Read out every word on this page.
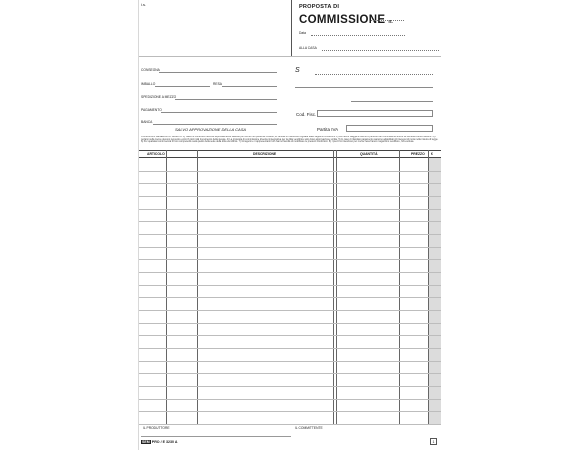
i.s.	PROPOSTA DI
COMMISSIONE n.
Data
ALLA CASA
CONSEGNA
IMBALLO	RESA
SPEDIZIONE A MEZZO
PAGAMENTO
BANCA
SALVO APPROVAZIONE DELLA CASA
S
Cod. Fisc.
Partita IVA
CONDIZIONI GENERALI DI VENDITA: 1) Salvo le condizioni diverse espressamente stabilite per iscritto nel presente modulo, le vendite si intendono regolate dalle seguenti condizioni. 2) La merce viaggia a rischio e pericolo del Committente anche se venduta franco destino. 3) I reclami sulla merce devono pervenire entro 8 giorni dal ricevimento della stessa. 4) La proposta di commissione diventa impegnativa per la ditta venditrice solo dopo approvazione scritta. 5) In caso di ritardato pagamento saranno addebitati gli interessi di mora nella misura di legge. 6) Per qualsiasi controversia il Foro competente sarà quello della sede della ditta venditrice. 7) Gli agenti e i rappresentanti non hanno facoltà di modificare le presenti condizioni. 8) I prezzi si intendono per merce resa franco magazzino venditore, IVA esclusa.
ARTICOLO	DESCRIZIONE	QUANTITÀ	PREZZO €
IL PRODUTTORE	IL COMMITTENTE
SEM PRO / E 3230 A	1
